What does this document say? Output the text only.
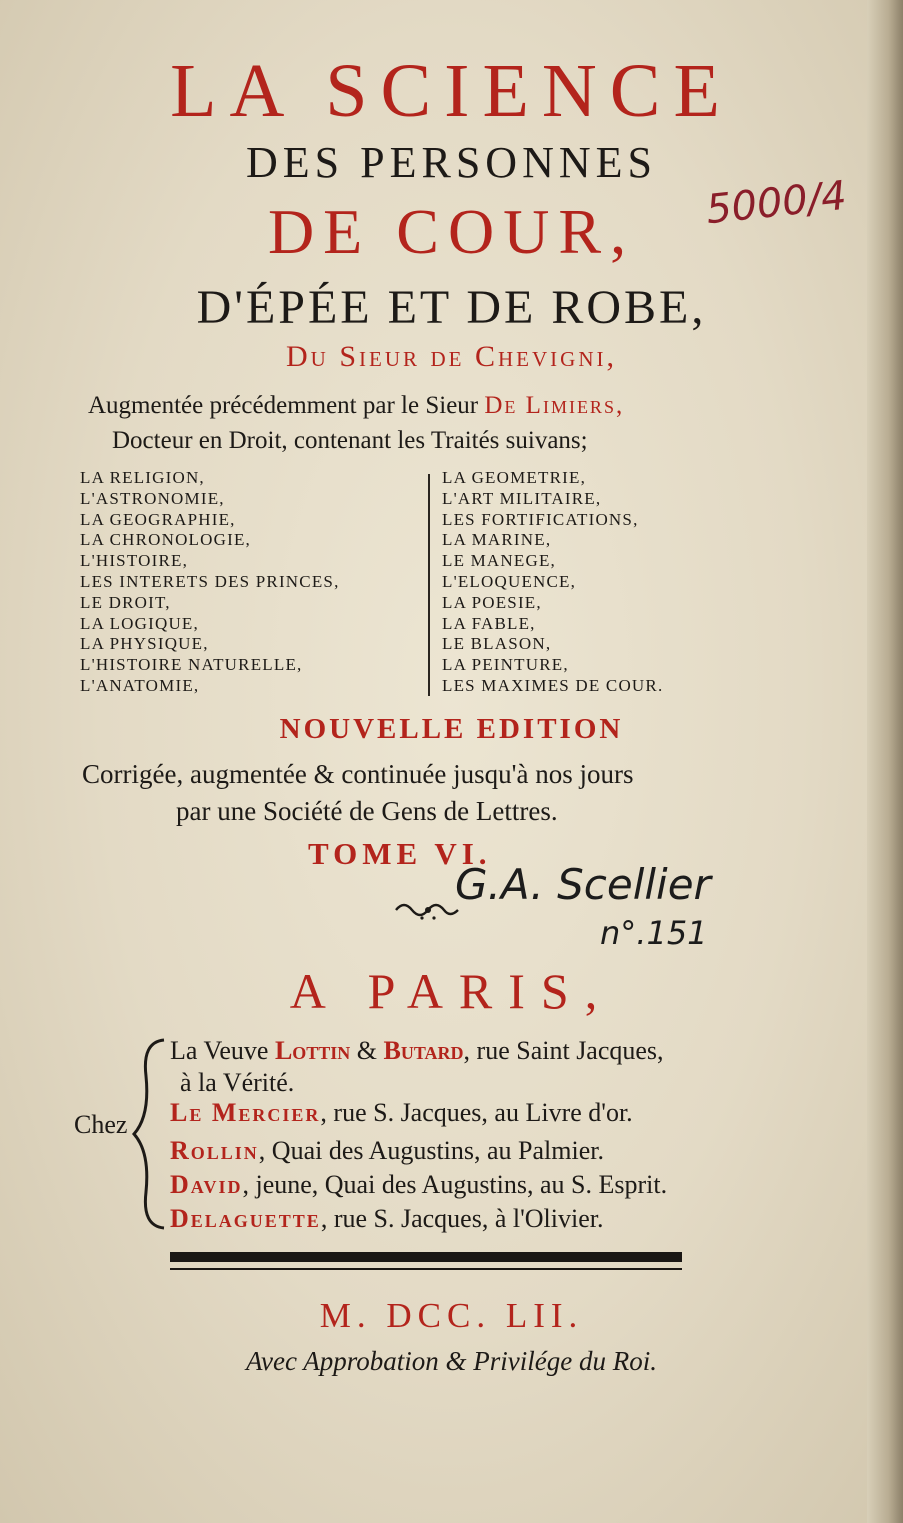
LA SCIENCE
DES PERSONNES
DE COUR,
D'ÉPÉE ET DE ROBE,
Du Sieur de Chevigni,
Augmentée précédemment par le Sieur De Limiers,
Docteur en Droit, contenant les Traités suivans;
LA RELIGION,
L'ASTRONOMIE,
LA GEOGRAPHIE,
LA CHRONOLOGIE,
L'HISTOIRE,
LES INTERETS DES PRINCES,
LE DROIT,
LA LOGIQUE,
LA PHYSIQUE,
L'HISTOIRE NATURELLE,
L'ANATOMIE,
LA GEOMETRIE,
L'ART MILITAIRE,
LES FORTIFICATIONS,
LA MARINE,
LE MANEGE,
L'ELOQUENCE,
LA POESIE,
LA FABLE,
LE BLASON,
LA PEINTURE,
LES MAXIMES DE COUR.
NOUVELLE EDITION
Corrigée, augmentée & continuée jusqu'à nos jours
par une Société de Gens de Lettres.
TOME VI.
5000/4
G.A. Scellier
n°.151
A PARIS,
Chez
La Veuve Lottin & Butard, rue Saint Jacques,
à la Vérité.
Le Mercier, rue S. Jacques, au Livre d'or.
Rollin, Quai des Augustins, au Palmier.
David, jeune, Quai des Augustins, au S. Esprit.
Delaguette, rue S. Jacques, à l'Olivier.
M. DCC. LII.
Avec Approbation & Privilége du Roi.
